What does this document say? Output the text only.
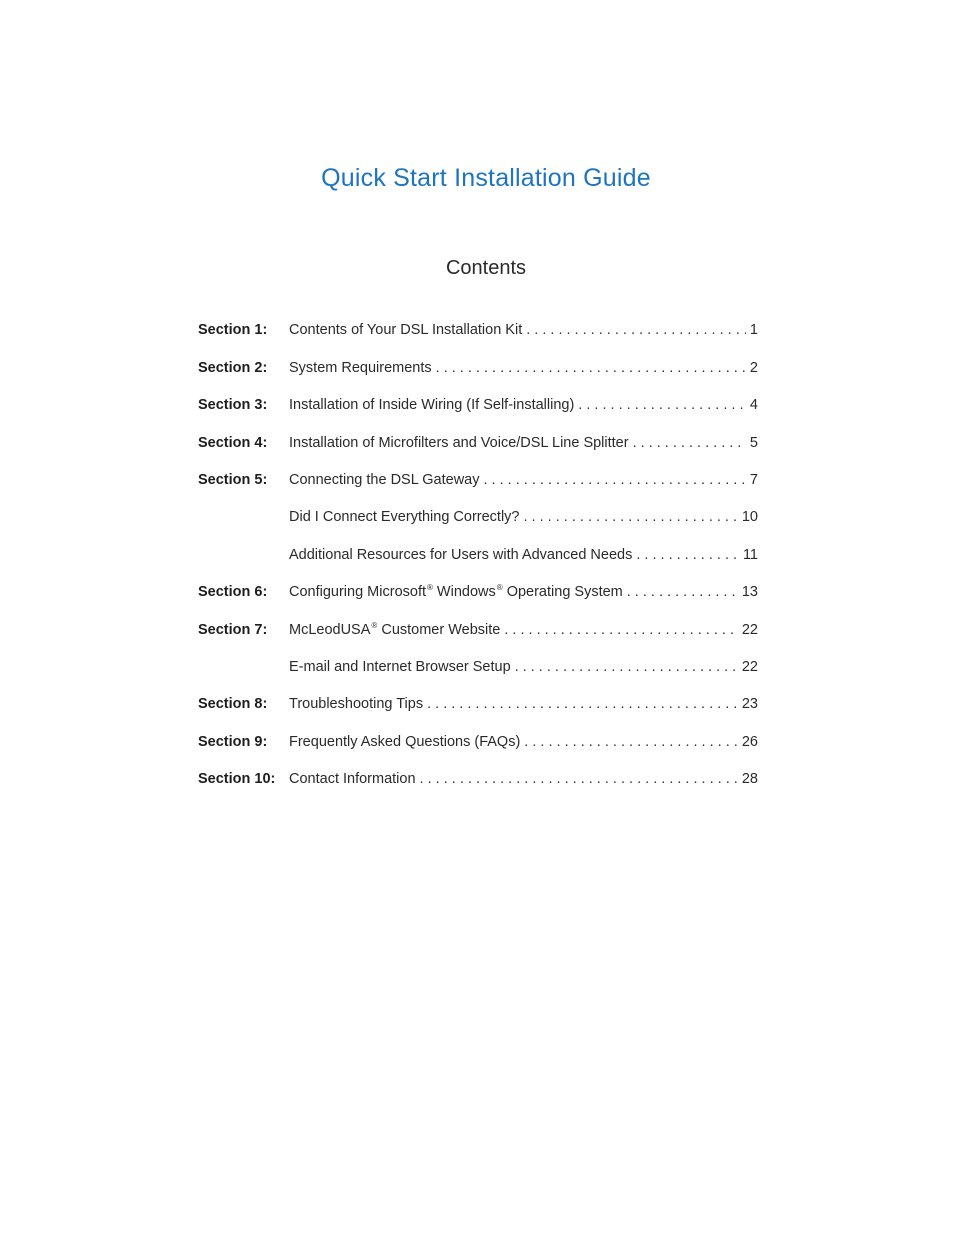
Quick Start Installation Guide
Contents
Section 1: Contents of Your DSL Installation Kit . . .	1
Section 2: System Requirements . . .	2
Section 3: Installation of Inside Wiring (If Self-installing) . . .	4
Section 4: Installation of Microfilters and Voice/DSL Line Splitter . . .	5
Section 5: Connecting the DSL Gateway . . .	7
Did I Connect Everything Correctly? . . .	10
Additional Resources for Users with Advanced Needs . . .	11
Section 6: Configuring Microsoft® Windows® Operating System . . .	13
Section 7: McLeodUSA® Customer Website . . .	22
E-mail and Internet Browser Setup . . .	22
Section 8: Troubleshooting Tips . . .	23
Section 9: Frequently Asked Questions (FAQs) . . .	26
Section 10: Contact Information . . .	28
